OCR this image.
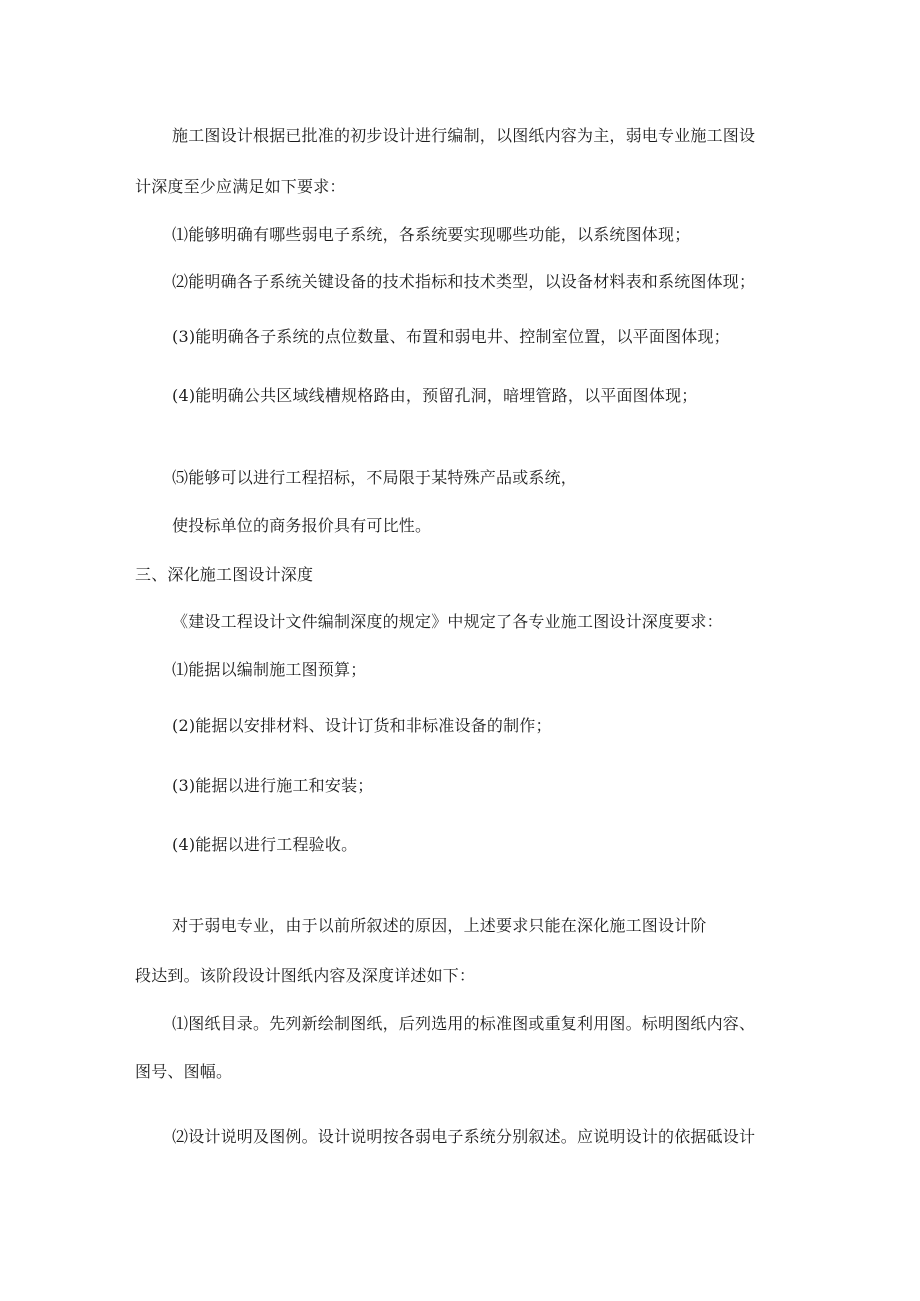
施工图设计根据已批准的初步设计进行编制，以图纸内容为主，弱电专业施工图设
计深度至少应满足如下要求：
⑴能够明确有哪些弱电子系统，各系统要实现哪些功能，以系统图体现；
⑵能明确各子系统关键设备的技术指标和技术类型，以设备材料表和系统图体现；
(3)能明确各子系统的点位数量、布置和弱电井、控制室位置，以平面图体现；
(4)能明确公共区域线槽规格路由，预留孔洞，暗埋管路，以平面图体现；
⑸能够可以进行工程招标，不局限于某特殊产品或系统，
使投标单位的商务报价具有可比性。
三、深化施工图设计深度
《建设工程设计文件编制深度的规定》中规定了各专业施工图设计深度要求：
⑴能据以编制施工图预算；
(2)能据以安排材料、设计订货和非标准设备的制作；
(3)能据以进行施工和安装；
(4)能据以进行工程验收。
对于弱电专业，由于以前所叙述的原因，上述要求只能在深化施工图设计阶
段达到。该阶段设计图纸内容及深度详述如下：
⑴图纸目录。先列新绘制图纸，后列选用的标准图或重复利用图。标明图纸内容、
图号、图幅。
⑵设计说明及图例。设计说明按各弱电子系统分别叙述。应说明设计的依据砥设计
